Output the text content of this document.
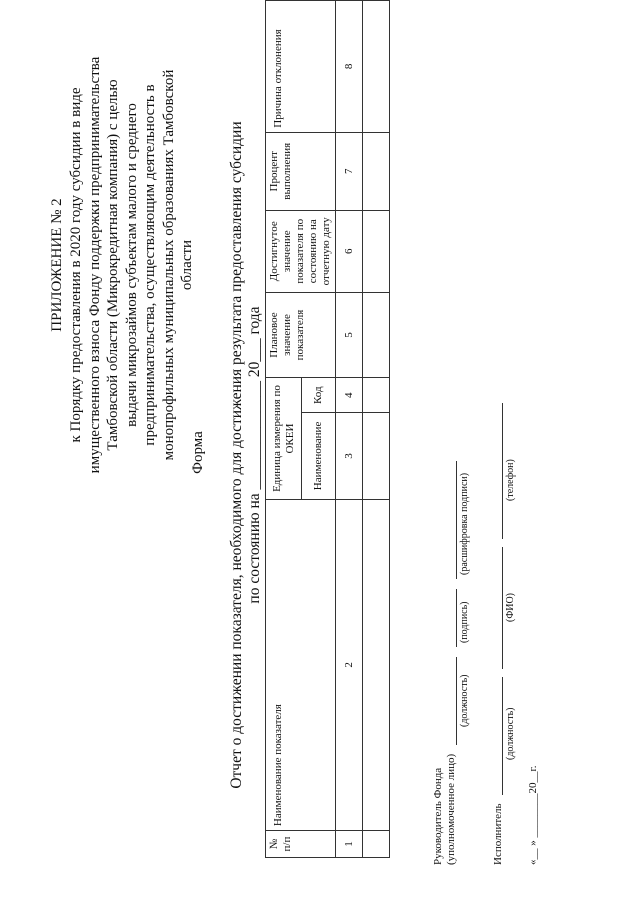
ПРИЛОЖЕНИЕ № 2 к Порядку предоставления в 2020 году субсидии в виде имущественного взноса Фонду поддержки предпринимательства Тамбовской области (Микрокредитная компания) с целью выдачи микрозаймов субъектам малого и среднего предпринимательства, осуществляющим деятельность в монопрофильных муниципальных образованиях Тамбовской области
Форма Отчет о достижении показателя, необходимого для достижения результата предоставления субсидии по состоянию на ______________ 20___ года
№ п/п	Наименование показателя	Единица измерения по ОКЕИ		Плановое значение показателя	Достигнутое значение показателя по состоянию на отчетную дату	Процент выполнения	Причина отклонения
		Наименование	Код				
1	2	3	4	5	6	7	8

Руководитель Фонда (уполномоченное лицо)
(должность)
(подпись)
(расшифровка подписи)
Исполнитель
(должность)
(ФИО)
(телефон)
«__ » ________20__г.
